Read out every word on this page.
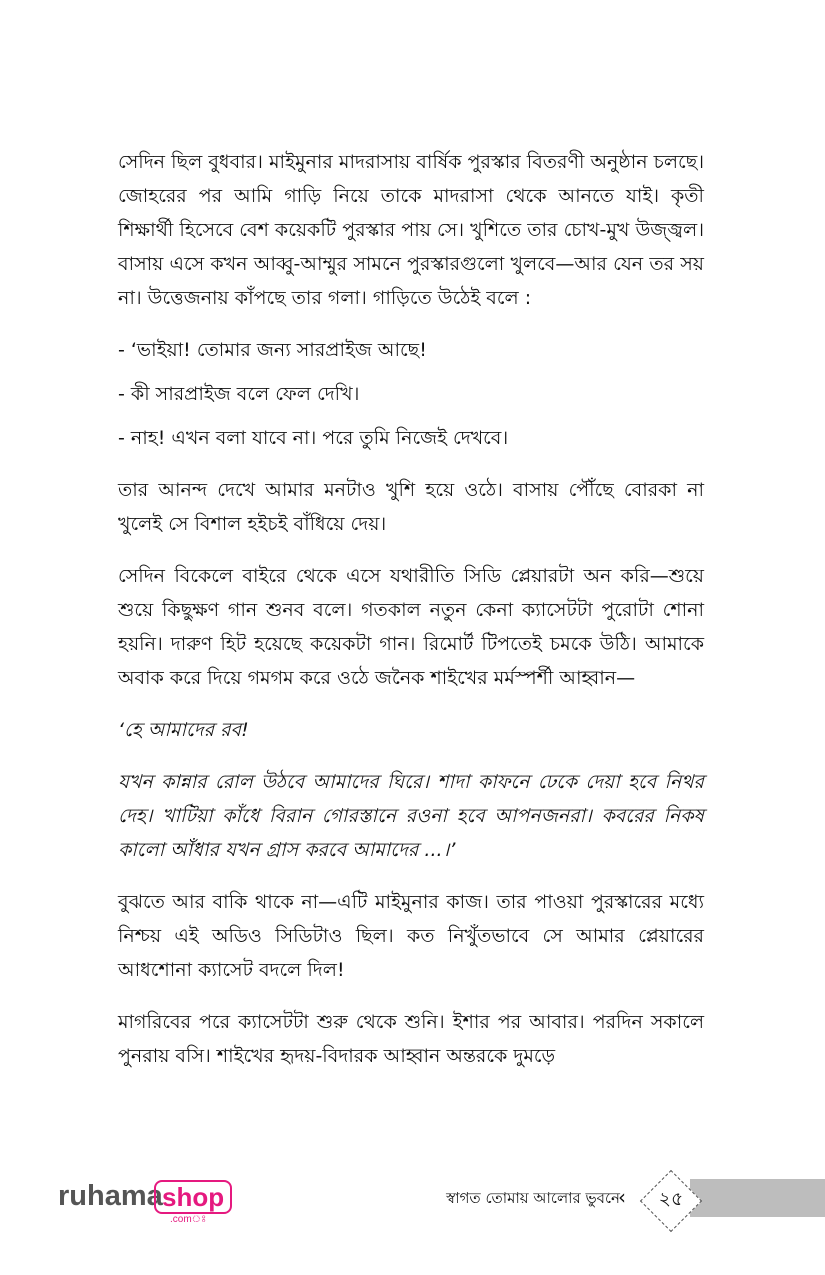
সেদিন ছিল বুধবার। মাইমুনার মাদরাসায় বার্ষিক পুরস্কার বিতরণী অনুষ্ঠান চলছে। জোহরের পর আমি গাড়ি নিয়ে তাকে মাদরাসা থেকে আনতে যাই। কৃতী শিক্ষার্থী হিসেবে বেশ কয়েকটি পুরস্কার পায় সে। খুশিতে তার চোখ-মুখ উজ্জ্বল। বাসায় এসে কখন আব্বু-আম্মুর সামনে পুরস্কারগুলো খুলবে—আর যেন তর সয় না। উত্তেজনায় কাঁপছে তার গলা। গাড়িতে উঠেই বলে :

- ‘ভাইয়া! তোমার জন্য সারপ্রাইজ আছে!

- কী সারপ্রাইজ বলে ফেল দেখি।

- নাহ! এখন বলা যাবে না। পরে তুমি নিজেই দেখবে।

তার আনন্দ দেখে আমার মনটাও খুশি হয়ে ওঠে। বাসায় পৌঁছে বোরকা না খুলেই সে বিশাল হইচই বাঁধিয়ে দেয়।

সেদিন বিকেলে বাইরে থেকে এসে যথারীতি সিডি প্লেয়ারটা অন করি—শুয়ে শুয়ে কিছুক্ষণ গান শুনব বলে। গতকাল নতুন কেনা ক্যাসেটটা পুরোটা শোনা হয়নি। দারুণ হিট হয়েছে কয়েকটা গান। রিমোর্ট টিপতেই চমকে উঠি। আমাকে অবাক করে দিয়ে গমগম করে ওঠে জনৈক শাইখের মর্মস্পর্শী আহ্বান—

‘হে আমাদের রব!

যখন কান্নার রোল উঠবে আমাদের ঘিরে। শাদা কাফনে ঢেকে দেয়া হবে নিথর দেহ। খাটিয়া কাঁধে বিরান গোরস্তানে রওনা হবে আপনজনরা। কবরের নিকষ কালো আঁধার যখন গ্রাস করবে আমাদের ...।’

বুঝতে আর বাকি থাকে না—এটি মাইমুনার কাজ। তার পাওয়া পুরস্কারের মধ্যে নিশ্চয় এই অডিও সিডিটাও ছিল। কত নিখুঁতভাবে সে আমার প্লেয়ারের আধশোনা ক্যাসেট বদলে দিল!

মাগরিবের পরে ক্যাসেটটা শুরু থেকে শুনি। ইশার পর আবার। পরদিন সকালে পুনরায় বসি। শাইখের হৃদয়-বিদারক আহ্বান অন্তরকে দুমড়ে

ruhama shop
.comঃ
স্বাগত তোমায় আলোর ভুবনে
‹	২৫
